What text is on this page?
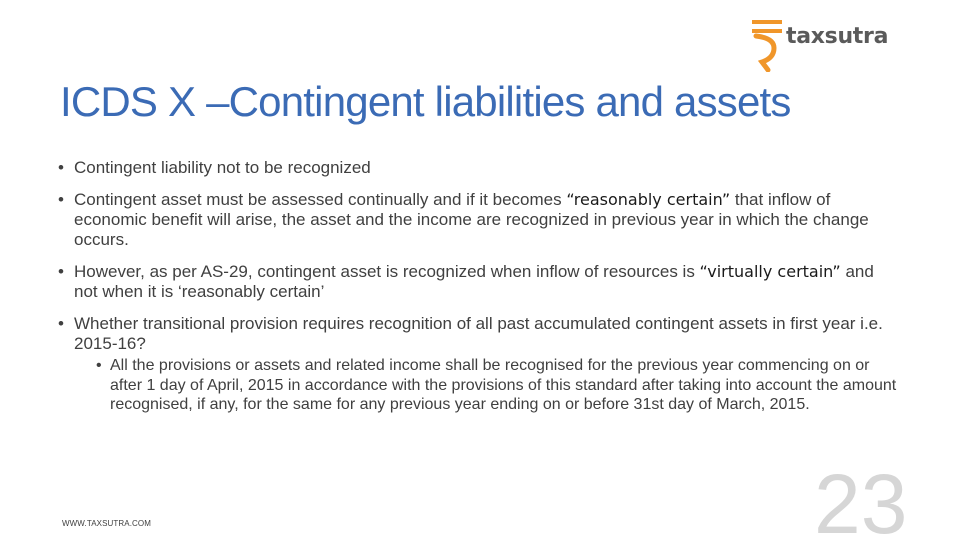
taxsutra
ICDS X –Contingent liabilities and assets
• Contingent liability not to be recognized
• Contingent asset must be assessed continually and if it becomes “reasonably certain” that inflow of economic benefit will arise, the asset and the income are recognized in previous year in which the change occurs.
• However, as per AS-29, contingent asset is recognized when inflow of resources is “virtually certain” and not when it is ‘reasonably certain’
• Whether transitional provision requires recognition of all past accumulated contingent assets in first year i.e. 2015-16?
• All the provisions or assets and related income shall be recognised for the previous year commencing on or after 1 day of April, 2015 in accordance with the provisions of this standard after taking into account the amount recognised, if any, for the same for any previous year ending on or before 31st day of March, 2015.
WWW.TAXSUTRA.COM	23
